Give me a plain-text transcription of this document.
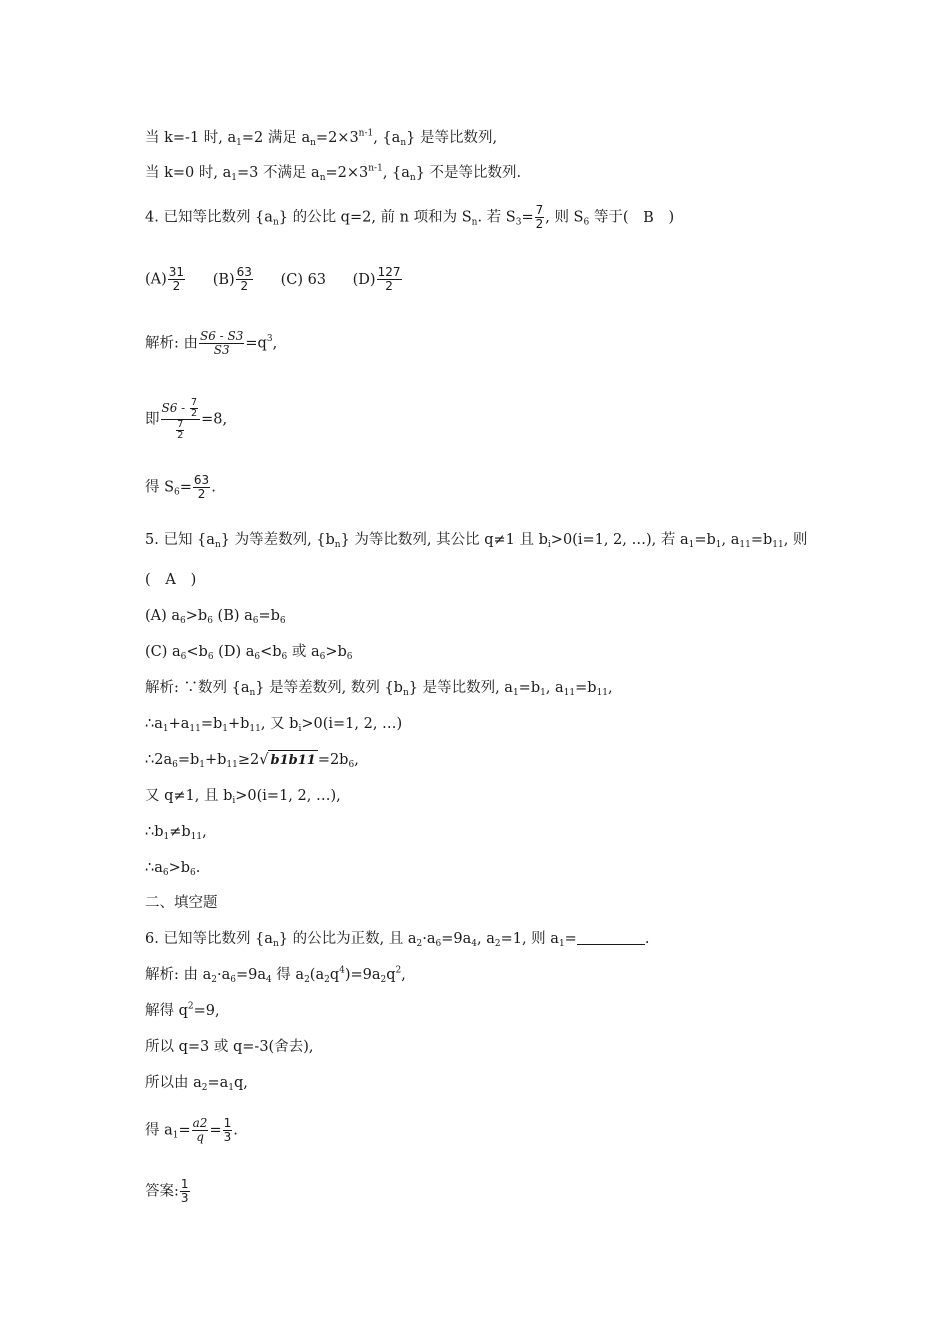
当 k=-1 时, $a_1=2$ 满足 $a_n=2\times 3^{n-1}$, $\{a_n\}$ 是等比数列,
当 k=0 时, $a_1=3$ 不满足 $a_n=2\times 3^{n-1}$, $\{a_n\}$ 不是等比数列.
4. 已知等比数列 $\{a_n\}$ 的公比 q=2, 前 n 项和为 $S_n$. 若 $S_3= \frac{7}{2}$ , 则 $S_6$ 等于( B )
$(A) \frac{31}{2} (B) \frac{63}{2} (C)$ 63 $(D) \frac{127}{2}$
解析: 由 $\frac{S6 - S3}{S3} =q^3$,
即 $\frac{S6 - \frac{7}{2}}{\frac{7}{2}} =8$,
得 $S_6= \frac{63}{2}$ .
5. 已知 $\{a_n\}$ 为等差数列, $\{b_n\}$ 为等比数列, 其公比 q≠1 且 $b_i>0(i=1$, 2, …), 若 $a_1=b_1$, $a_{11}=b_{11}$, 则
( A )
(A) $a_6>b_6$ (B) $a_6=b_6$
(C) $a_6<b_6$ (D) $a_6<b_6$ 或 $a_6>b_6$
解析: ∵数列 $\{a_n\}$ 是等差数列, 数列 $\{b_n\}$ 是等比数列, $a_1=b_1$, $a_{11}=b_{11}$,
$\therefore a_1+a_{11}=b_1+b_{11}$, 又 $b_i>0(i=1$, 2, …)
$\therefore 2a_6=b_1+b_{11}\ge 2√$ $b1b11 =2b_6$,
又 q≠1, 且 $b_i>0(i=1$, 2, …),
$\therefore b_1\ne b_{11}$,
$\therefore a_6>b_6$.
二、填空题
6. 已知等比数列 $\{a_n\}$ 的公比为正数, 且 $a_2\cdot a_6=9a_4$, $a_2=1$, 则 $a_1=$	.
解析: 由 $a_2\cdot a_6=9a_4$ 得 $a_2(a_2q^4)=9a_2q^2$,
解得 $q^2=9$,
所以 q=3 或 q=-3(舍去),
所以由 $a_2=a_1q$,
得 $a_1= \frac{a2}{q} = \frac{1}{3}$ .
答案: $\frac{1}{3}$
